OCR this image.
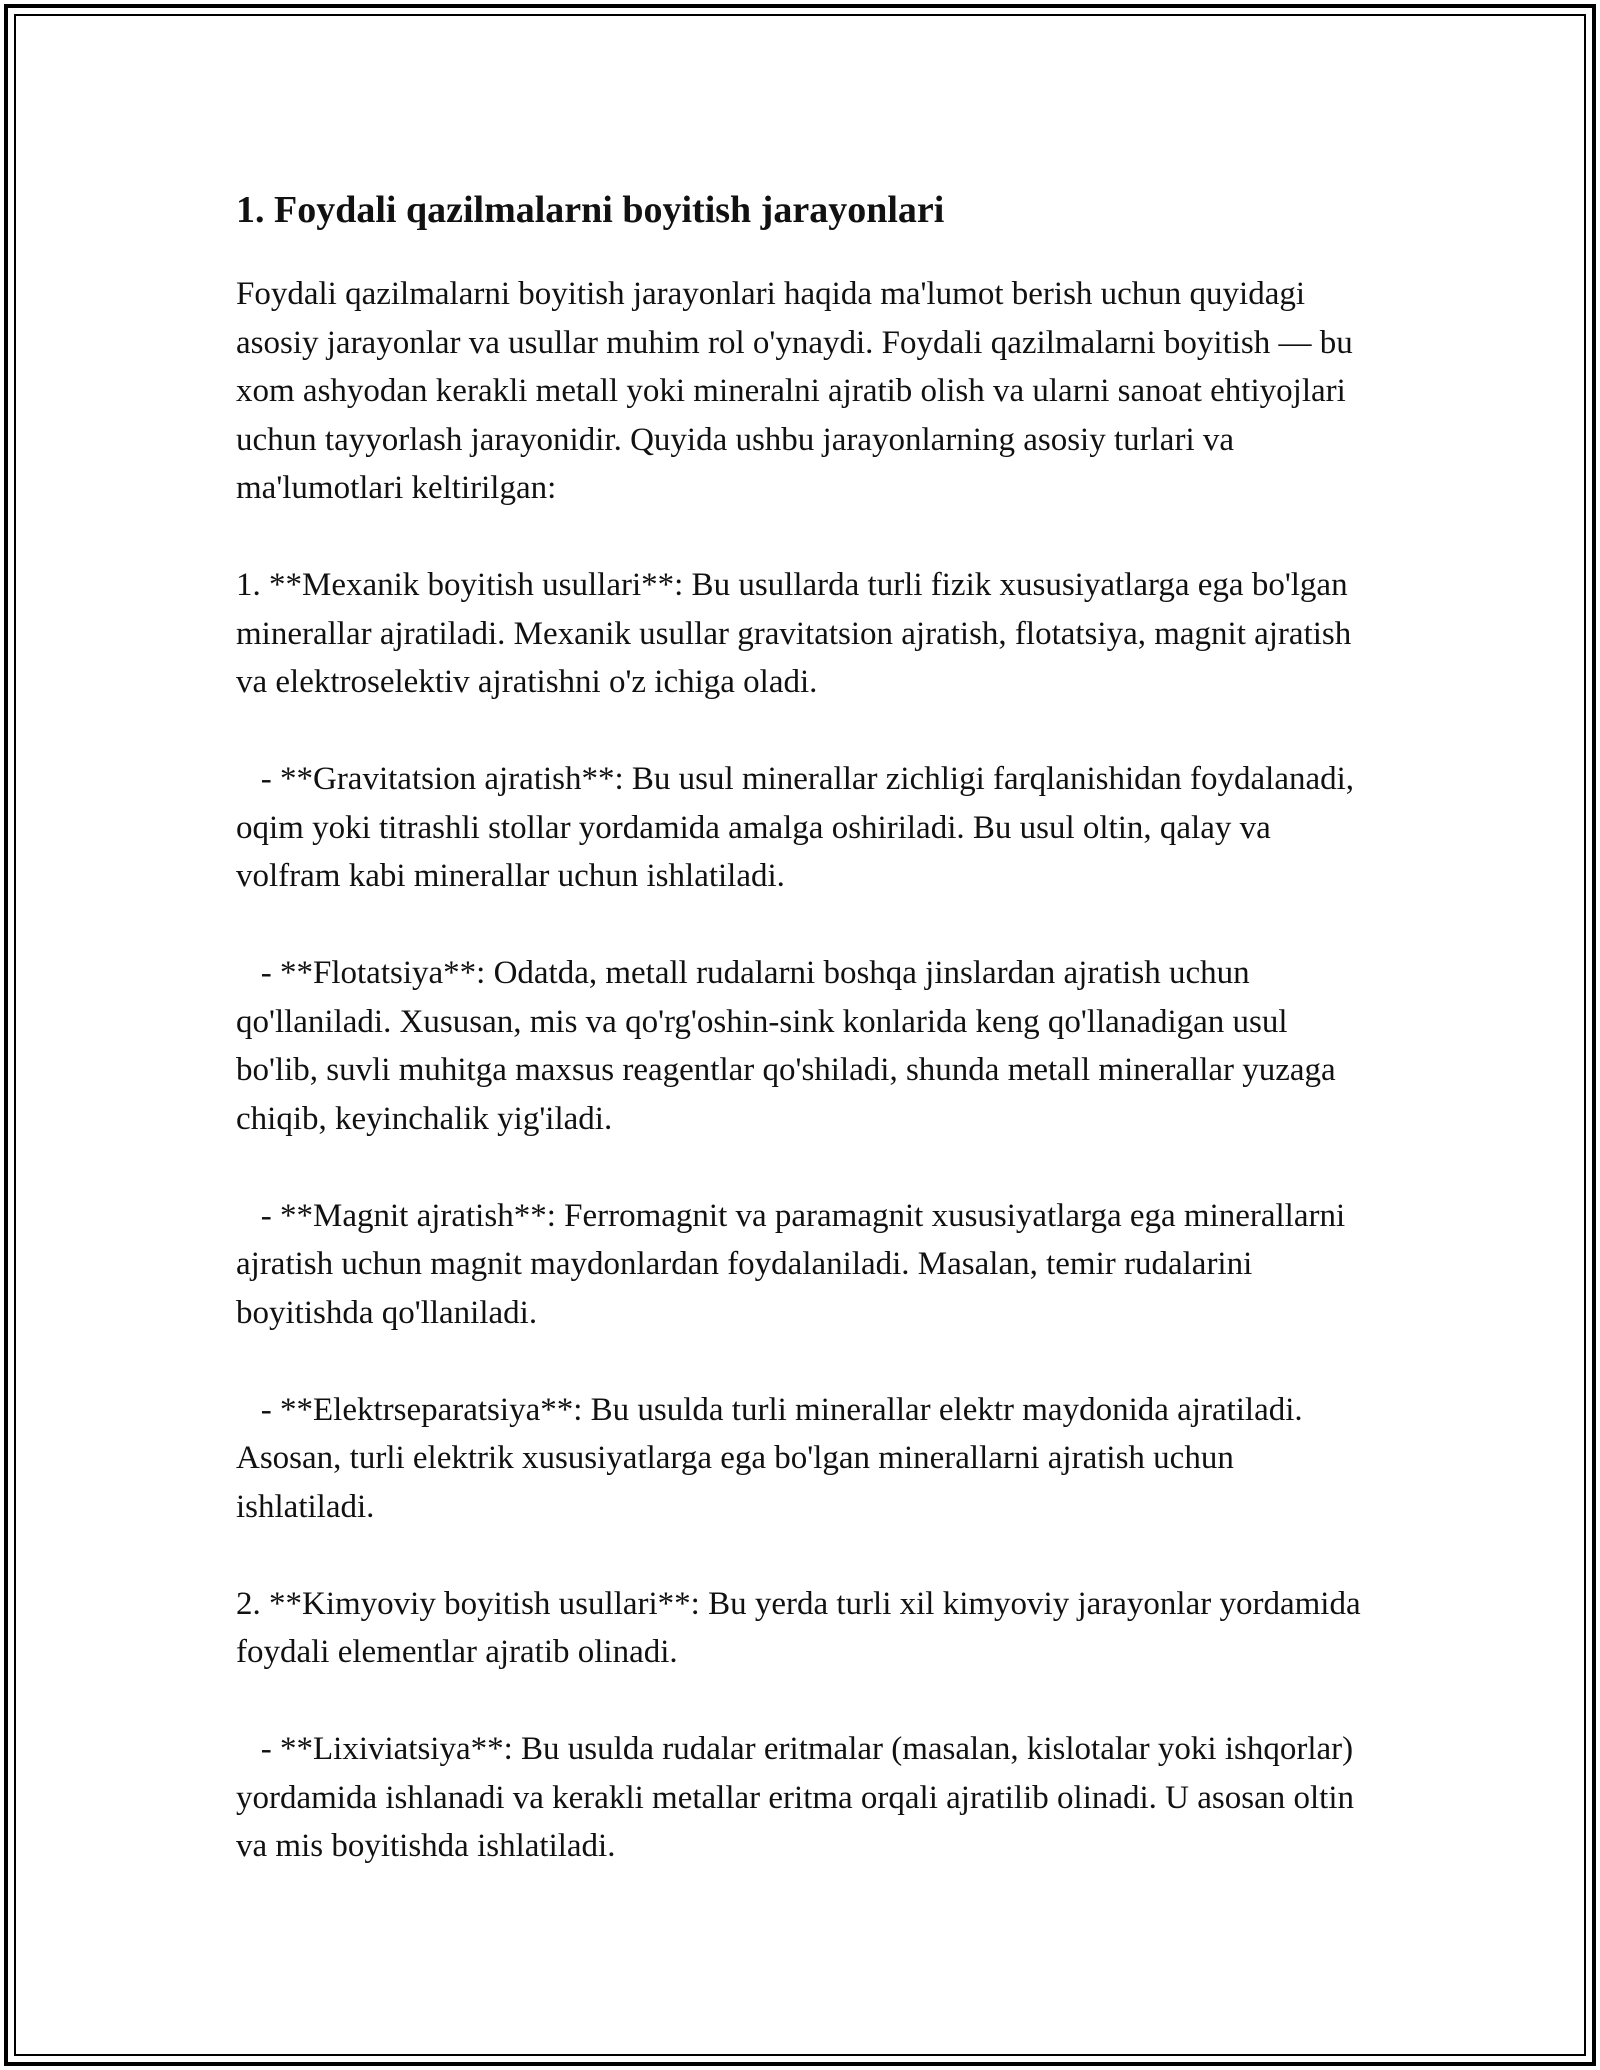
1. Foydali qazilmalarni boyitish jarayonlari

Foydali qazilmalarni boyitish jarayonlari haqida ma'lumot berish uchun quyidagi asosiy jarayonlar va usullar muhim rol o'ynaydi. Foydali qazilmalarni boyitish — bu xom ashyodan kerakli metall yoki mineralni ajratib olish va ularni sanoat ehtiyojlari uchun tayyorlash jarayonidir. Quyida ushbu jarayonlarning asosiy turlari va ma'lumotlari keltirilgan:

1. **Mexanik boyitish usullari**: Bu usullarda turli fizik xususiyatlarga ega bo'lgan minerallar ajratiladi. Mexanik usullar gravitatsion ajratish, flotatsiya, magnit ajratish va elektroselektiv ajratishni o'z ichiga oladi.

- **Gravitatsion ajratish**: Bu usul minerallar zichligi farqlanishidan foydalanadi, oqim yoki titrashli stollar yordamida amalga oshiriladi. Bu usul oltin, qalay va volfram kabi minerallar uchun ishlatiladi.

- **Flotatsiya**: Odatda, metall rudalarni boshqa jinslardan ajratish uchun qo'llaniladi. Xususan, mis va qo'rg'oshin-sink konlarida keng qo'llanadigan usul bo'lib, suvli muhitga maxsus reagentlar qo'shiladi, shunda metall minerallar yuzaga chiqib, keyinchalik yig'iladi.

- **Magnit ajratish**: Ferromagnit va paramagnit xususiyatlarga ega minerallarni ajratish uchun magnit maydonlardan foydalaniladi. Masalan, temir rudalarini boyitishda qo'llaniladi.

- **Elektrseparatsiya**: Bu usulda turli minerallar elektr maydonida ajratiladi. Asosan, turli elektrik xususiyatlarga ega bo'lgan minerallarni ajratish uchun ishlatiladi.

2. **Kimyoviy boyitish usullari**: Bu yerda turli xil kimyoviy jarayonlar yordamida foydali elementlar ajratib olinadi.

- **Lixiviatsiya**: Bu usulda rudalar eritmalar (masalan, kislotalar yoki ishqorlar) yordamida ishlanadi va kerakli metallar eritma orqali ajratilib olinadi. U asosan oltin va mis boyitishda ishlatiladi.
